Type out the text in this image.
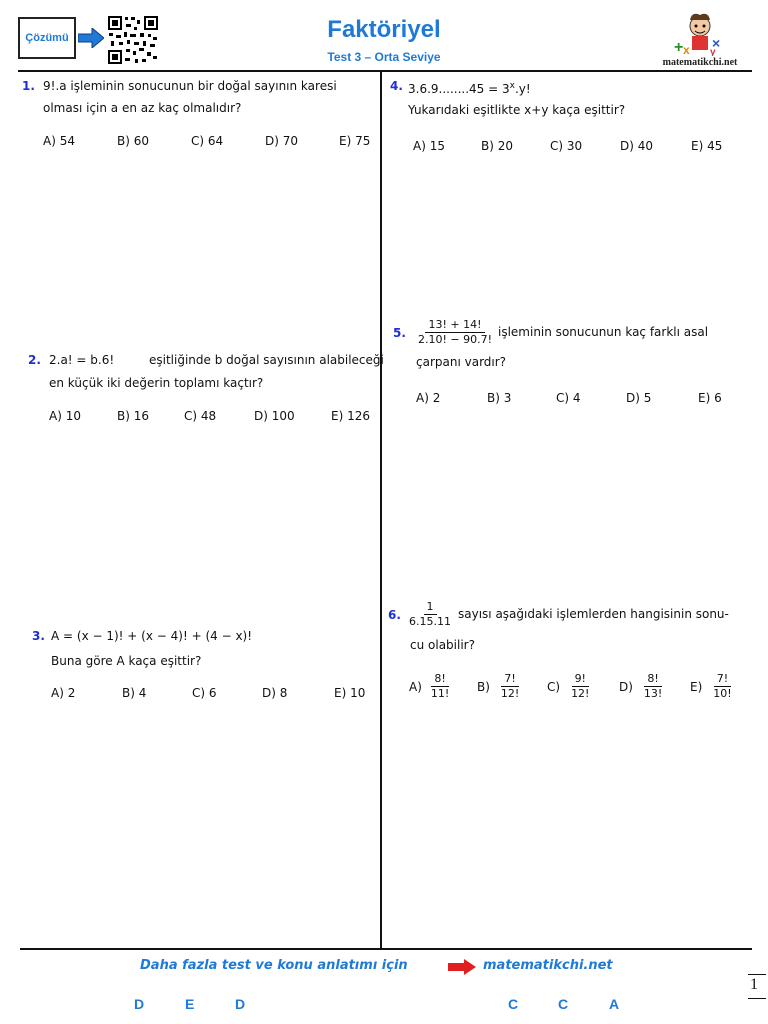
Çözümü	Faktöriyel
Test 3 – Orta Seviye
+ ×
x y
matematikchi.net
1. 9!.a işleminin sonucunun bir doğal sayının karesi
olması için a en az kaç olmalıdır?
A) 54	B) 60	C) 64	D) 70	E) 75
2. 2.a! = b.6!	eşitliğinde b doğal sayısının alabileceği
en küçük iki değerin toplamı kaçtır?
A) 10	B) 16	C) 48	D) 100	E) 126
3. A = (x − 1)! + (x − 4)! + (4 − x)!
Buna göre A kaça eşittir?
A) 2	B) 4	C) 6	D) 8	E) 10
4. $3.6.9........45 = 3^x.y$!
Yukarıdaki eşitlikte x+y kaça eşittir?
A) 15	B) 20	C) 30	D) 40	E) 45
5. $\frac{13! + 14!}{2.10! - 90.7!}$ işleminin sonucunun kaç farklı asal
çarpanı vardır?
A) 2	B) 3	C) 4	D) 5	E) 6
6. $\frac{1}{6.15.11}$ sayısı aşağıdaki işlemlerden hangisinin sonu-
cu olabilir?
$A) \frac{8!}{11!} B) \frac{7!}{12!} C) \frac{9!}{12!} D) \frac{8!}{13!} E) \frac{7!}{10!}$
Daha fazla test ve konu anlatımı için	matematikchi.net
D	E	D	C	C	A
1
